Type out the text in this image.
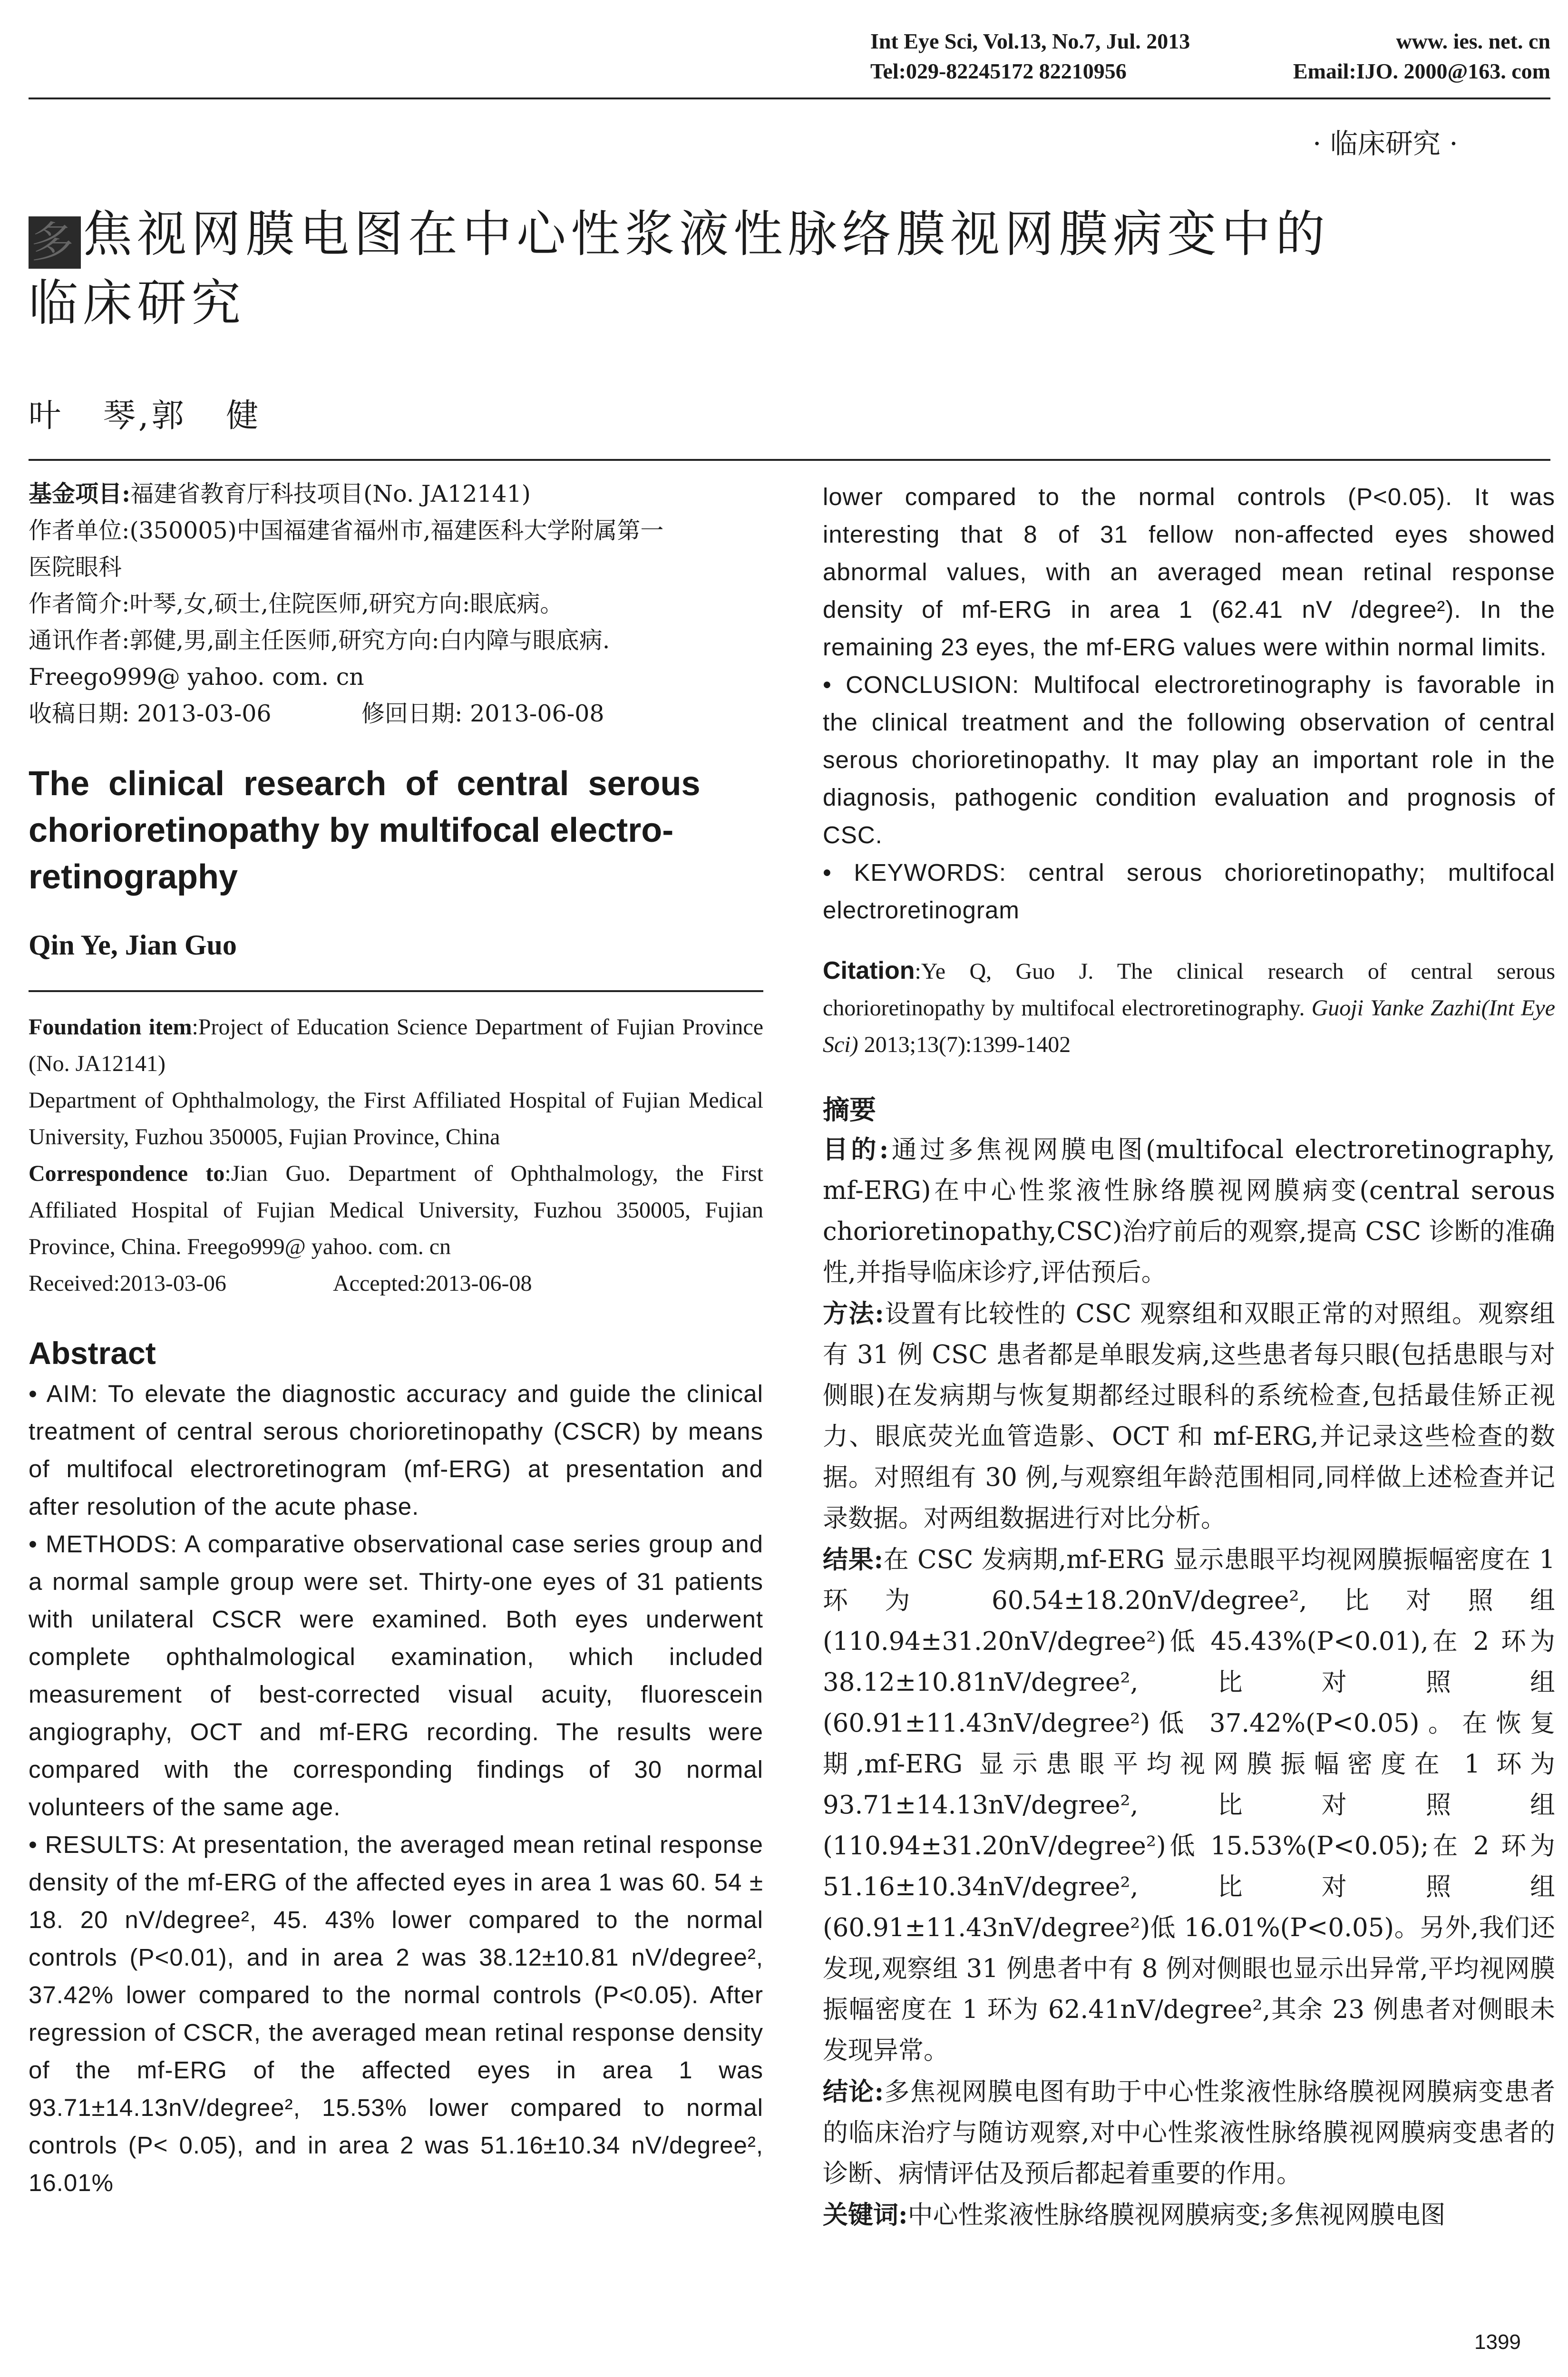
Int Eye Sci, Vol.13, No.7, Jul. 2013	www. ies. net. cn
Tel:029-82245172 82210956	Email:IJO. 2000@163. com
· 临床研究 ·
多焦视网膜电图在中心性浆液性脉络膜视网膜病变中的
临床研究
叶   琴,郭   健
基金项目:福建省教育厅科技项目(No. JA12141)
作者单位:(350005)中国福建省福州市,福建医科大学附属第一
医院眼科
作者简介:叶琴,女,硕士,住院医师,研究方向:眼底病。
通讯作者:郭健,男,副主任医师,研究方向:白内障与眼底病.
Freego999@ yahoo. com. cn
收稿日期: 2013-03-06	修回日期: 2013-06-08
The  clinical  research  of  central  serous
chorioretinopathy by multifocal electro-
retinography
Qin Ye, Jian Guo
Foundation item:Project of Education Science Department of Fujian Province (No. JA12141)
Department of Ophthalmology, the First Affiliated Hospital of Fujian Medical University, Fuzhou 350005, Fujian Province, China
Correspondence to:Jian Guo. Department of Ophthalmology, the First Affiliated Hospital of Fujian Medical University, Fuzhou 350005, Fujian Province, China. Freego999@ yahoo. com. cn
Received:2013-03-06	Accepted:2013-06-08
Abstract

• AIM: To elevate the diagnostic accuracy and guide the clinical treatment of central serous chorioretinopathy (CSCR) by means of multifocal electroretinogram (mf-ERG) at presentation and after resolution of the acute phase.

• METHODS: A comparative observational case series group and a normal sample group were set. Thirty-one eyes of 31 patients with unilateral CSCR were examined. Both eyes underwent complete ophthalmological examination, which included measurement of best-corrected visual acuity, fluorescein angiography, OCT and mf-ERG recording. The results were compared with the corresponding findings of 30 normal volunteers of the same age.

• RESULTS: At presentation, the averaged mean retinal response density of the mf-ERG of the affected eyes in area 1 was 60. 54 ± 18. 20 nV/degree², 45. 43% lower compared to the normal controls (P<0.01), and in area 2 was 38.12±10.81 nV/degree², 37.42% lower compared to the normal controls (P<0.05). After regression of CSCR, the averaged mean retinal response density of the mf-ERG of the affected eyes in area 1 was 93.71±14.13nV/degree², 15.53% lower compared to normal controls (P< 0.05), and in area 2 was 51.16±10.34 nV/degree², 16.01%

lower compared to the normal controls (P<0.05). It was interesting that 8 of 31 fellow non-affected eyes showed abnormal values, with an averaged mean retinal response density of mf-ERG in area 1 (62.41 nV /degree²). In the remaining 23 eyes, the mf-ERG values were within normal limits.

• CONCLUSION: Multifocal electroretinography is favorable in the clinical treatment and the following observation of central serous chorioretinopathy. It may play an important role in the diagnosis, pathogenic condition evaluation and prognosis of CSC.

• KEYWORDS: central serous chorioretinopathy; multifocal electroretinogram

Citation:Ye Q, Guo J. The clinical research of central serous chorioretinopathy by multifocal electroretinography. Guoji Yanke Zazhi(Int Eye Sci) 2013;13(7):1399-1402
摘要

目的:通过多焦视网膜电图(multifocal electroretinography, mf-ERG)在中心性浆液性脉络膜视网膜病变(central serous chorioretinopathy,CSC)治疗前后的观察,提高 CSC 诊断的准确性,并指导临床诊疗,评估预后。

方法:设置有比较性的 CSC 观察组和双眼正常的对照组。观察组有 31 例 CSC 患者都是单眼发病,这些患者每只眼(包括患眼与对侧眼)在发病期与恢复期都经过眼科的系统检查,包括最佳矫正视力、眼底荧光血管造影、OCT 和 mf-ERG,并记录这些检查的数据。对照组有 30 例,与观察组年龄范围相同,同样做上述检查并记录数据。对两组数据进行对比分析。

结果:在 CSC 发病期,mf-ERG 显示患眼平均视网膜振幅密度在 1 环为 60.54±18.20nV/degree²,比对照组(110.94±31.20nV/degree²)低 45.43%(P<0.01),在 2 环为 38.12±10.81nV/degree²,比对照组(60.91±11.43nV/degree²)低 37.42%(P<0.05)。在恢复期,mf-ERG 显示患眼平均视网膜振幅密度在 1 环为 93.71±14.13nV/degree²,比对照组(110.94±31.20nV/degree²)低 15.53%(P<0.05);在 2 环为 51.16±10.34nV/degree²,比对照组(60.91±11.43nV/degree²)低 16.01%(P<0.05)。另外,我们还发现,观察组 31 例患者中有 8 例对侧眼也显示出异常,平均视网膜振幅密度在 1 环为 62.41nV/degree²,其余 23 例患者对侧眼未发现异常。

结论:多焦视网膜电图有助于中心性浆液性脉络膜视网膜病变患者的临床治疗与随访观察,对中心性浆液性脉络膜视网膜病变患者的诊断、病情评估及预后都起着重要的作用。

关键词:中心性浆液性脉络膜视网膜病变;多焦视网膜电图

1399
